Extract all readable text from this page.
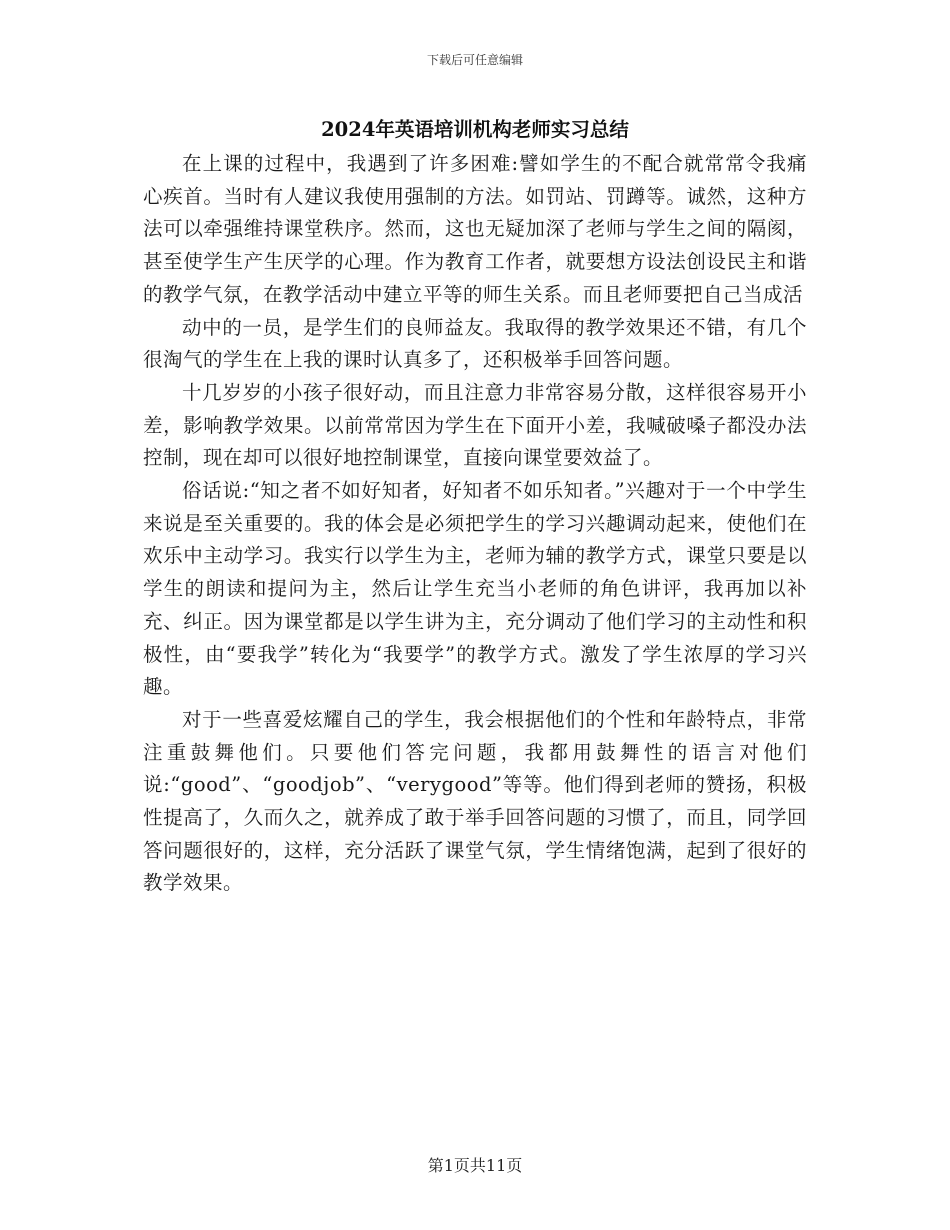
下载后可任意编辑
2024年英语培训机构老师实习总结

在上课的过程中，我遇到了许多困难:譬如学生的不配合就常常令我痛心疾首。当时有人建议我使用强制的方法。如罚站、罚蹲等。诚然，这种方法可以牵强维持课堂秩序。然而，这也无疑加深了老师与学生之间的隔阂，甚至使学生产生厌学的心理。作为教育工作者，就要想方设法创设民主和谐的教学气氛，在教学活动中建立平等的师生关系。而且老师要把自己当成活

动中的一员，是学生们的良师益友。我取得的教学效果还不错，有几个很淘气的学生在上我的课时认真多了，还积极举手回答问题。

十几岁岁的小孩子很好动，而且注意力非常容易分散，这样很容易开小差，影响教学效果。以前常常因为学生在下面开小差，我喊破嗓子都没办法控制，现在却可以很好地控制课堂，直接向课堂要效益了。

俗话说:“知之者不如好知者，好知者不如乐知者。”兴趣对于一个中学生来说是至关重要的。我的体会是必须把学生的学习兴趣调动起来，使他们在欢乐中主动学习。我实行以学生为主，老师为辅的教学方式，课堂只要是以学生的朗读和提问为主，然后让学生充当小老师的角色讲评，我再加以补充、纠正。因为课堂都是以学生讲为主，充分调动了他们学习的主动性和积极性，由“要我学”转化为“我要学”的教学方式。激发了学生浓厚的学习兴趣。

对于一些喜爱炫耀自己的学生，我会根据他们的个性和年龄特点，非常注重鼓舞他们。只要他们答完问题，我都用鼓舞性的语言对他们说:“good”、“goodjob”、“verygood”等等。他们得到老师的赞扬，积极性提高了，久而久之，就养成了敢于举手回答问题的习惯了，而且，同学回答问题很好的，这样，充分活跃了课堂气氛，学生情绪饱满，起到了很好的教学效果。

第1页共11页
